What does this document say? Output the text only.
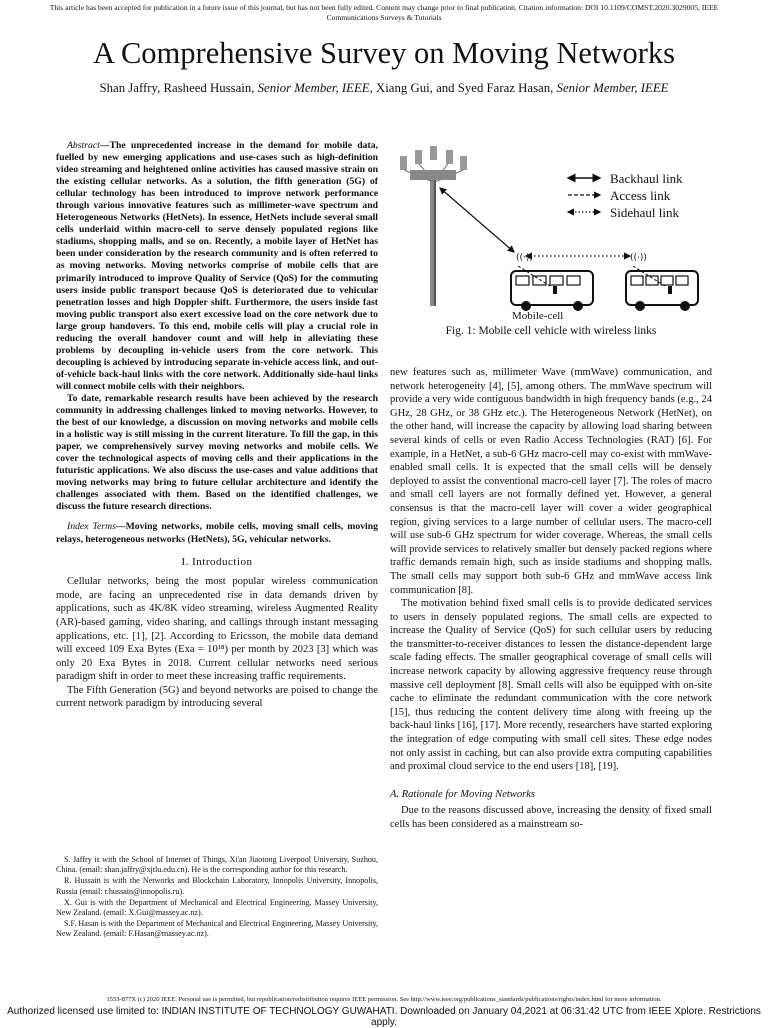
This article has been accepted for publication in a future issue of this journal, but has not been fully edited. Content may change prior to final publication. Citation information: DOI 10.1109/COMST.2020.3029005, IEEE
Communications Surveys & Tutorials
A Comprehensive Survey on Moving Networks
Shan Jaffry, Rasheed Hussain, Senior Member, IEEE, Xiang Gui, and Syed Faraz Hasan, Senior Member, IEEE

Abstract—The unprecedented increase in the demand for mobile data, fuelled by new emerging applications and use-cases such as high-definition video streaming and heightened online activities has caused massive strain on the existing cellular networks. As a solution, the fifth generation (5G) of cellular technology has been introduced to improve network performance through various innovative features such as millimeter-wave spectrum and Heterogeneous Networks (HetNets). In essence, HetNets include several small cells underlaid within macro-cell to serve densely populated regions like stadiums, shopping malls, and so on. Recently, a mobile layer of HetNet has been under consideration by the research community and is often referred to as moving networks. Moving networks comprise of mobile cells that are primarily introduced to improve Quality of Service (QoS) for the commuting users inside public transport because QoS is deteriorated due to vehicular penetration losses and high Doppler shift. Furthermore, the users inside fast moving public transport also exert excessive load on the core network due to large group handovers. To this end, mobile cells will play a crucial role in reducing the overall handover count and will help in alleviating these problems by decoupling in-vehicle users from the core network. This decoupling is achieved by introducing separate in-vehicle access link, and out-of-vehicle back-haul links with the core network. Additionally side-haul links will connect mobile cells with their neighbors.

To date, remarkable research results have been achieved by the research community in addressing challenges linked to moving networks. However, to the best of our knowledge, a discussion on moving networks and mobile cells in a holistic way is still missing in the current literature. To fill the gap, in this paper, we comprehensively survey moving networks and mobile cells. We cover the technological aspects of moving cells and their applications in the futuristic applications. We also discuss the use-cases and value additions that moving networks may bring to future cellular architecture and identify the challenges associated with them. Based on the identified challenges, we discuss the future research directions.

Index Terms—Moving networks, mobile cells, moving small cells, moving relays, heterogeneous networks (HetNets), 5G, vehicular networks.

I. Introduction

Cellular networks, being the most popular wireless communication mode, are facing an unprecedented rise in data demands driven by applications, such as 4K/8K video streaming, wireless Augmented Reality (AR)-based gaming, video sharing, and callings through instant messaging applications, etc. [1], [2]. According to Ericsson, the mobile data demand will exceed 109 Exa Bytes (Exa = 10¹⁸) per month by 2023 [3] which was only 20 Exa Bytes in 2018. Current cellular networks need serious paradigm shift in order to meet these increasing traffic requirements.

The Fifth Generation (5G) and beyond networks are poised to change the current network paradigm by introducing several

S. Jaffry is with the School of Internet of Things, Xi'an Jiaotong Liverpool University, Suzhou, China. (email: shan.jaffry@xjtlu.edu.cn). He is the corresponding author for this research.

R. Hussain is with the Networks and Blockchain Laboratory, Innopolis University, Innopolis, Russia (email: r.hussain@innopolis.ru).

X. Gui is with the Department of Mechanical and Electrical Engineering, Massey University, New Zealand. (email: X.Gui@massey.ac.nz).

S.F. Hasan is with the Department of Mechanical and Electrical Engineering, Massey University, New Zealand. (email: F.Hasan@massey.ac.nz).

((·))	((·))
Mobile-cell
Backhaul link
Access link
Sidehaul link
Fig. 1: Mobile cell vehicle with wireless links

new features such as, millimeter Wave (mmWave) communication, and network heterogeneity [4], [5], among others. The mmWave spectrum will provide a very wide contiguous bandwidth in high frequency bands (e.g., 24 GHz, 28 GHz, or 38 GHz etc.). The Heterogeneous Network (HetNet), on the other hand, will increase the capacity by allowing load sharing between several kinds of cells or even Radio Access Technologies (RAT) [6]. For example, in a HetNet, a sub-6 GHz macro-cell may co-exist with mmWave-enabled small cells. It is expected that the small cells will be densely deployed to assist the conventional macro-cell layer [7]. The roles of macro and small cell layers are not formally defined yet. However, a general consensus is that the macro-cell layer will cover a wider geographical region, giving services to a large number of cellular users. The macro-cell will use sub-6 GHz spectrum for wider coverage. Whereas, the small cells will provide services to relatively smaller but densely packed regions where traffic demands remain high, such as inside stadiums and shopping malls. The small cells may support both sub-6 GHz and mmWave access link communication [8].

The motivation behind fixed small cells is to provide dedicated services to users in densely populated regions. The small cells are expected to increase the Quality of Service (QoS) for such cellular users by reducing the transmitter-to-receiver distances to lessen the distance-dependent large scale fading effects. The smaller geographical coverage of small cells will increase network capacity by allowing aggressive frequency reuse through massive cell deployment [8]. Small cells will also be equipped with on-site cache to eliminate the redundant communication with the core network [15], thus reducing the content delivery time along with freeing up the back-haul links [16], [17]. More recently, researchers have started exploring the integration of edge computing with small cell sites. These edge nodes not only assist in caching, but can also provide extra computing capabilities and proximal cloud service to the end users [18], [19].

A. Rationale for Moving Networks

Due to the reasons discussed above, increasing the density of fixed small cells has been considered as a mainstream so-

1553-877X (c) 2020 IEEE. Personal use is permitted, but republication/redistribution requires IEEE permission. See http://www.ieee.org/publications_standards/publications/rights/index.html for more information.
Authorized licensed use limited to: INDIAN INSTITUTE OF TECHNOLOGY GUWAHATI. Downloaded on January 04,2021 at 06:31:42 UTC from IEEE Xplore. Restrictions apply.
